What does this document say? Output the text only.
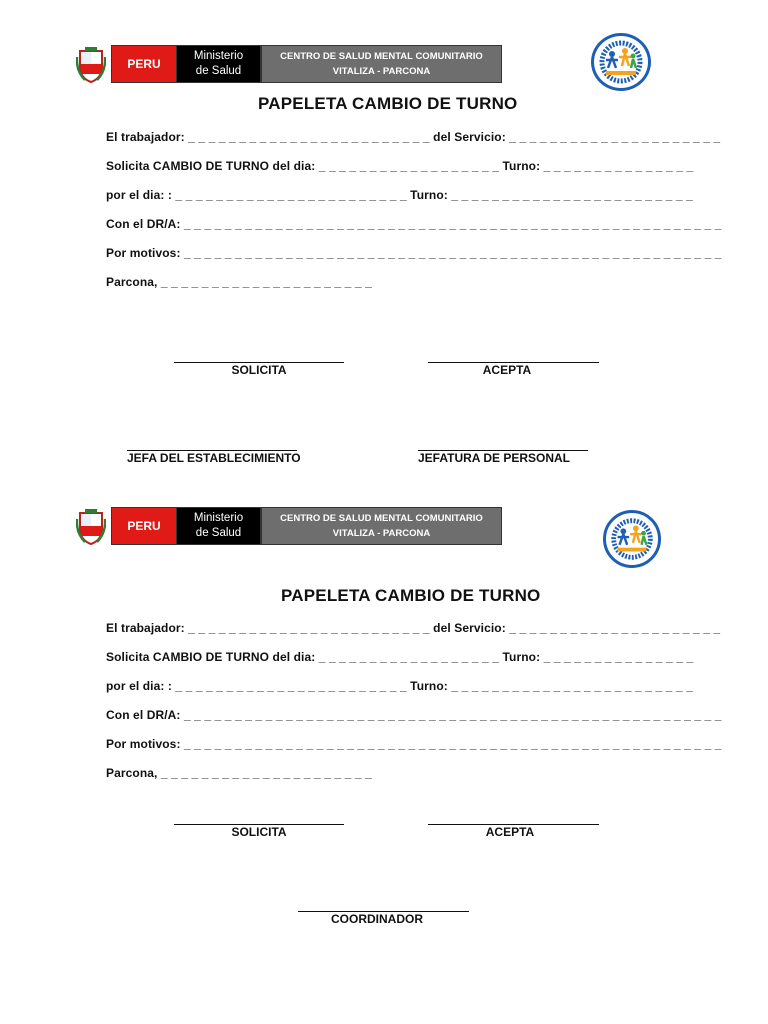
PERU
Ministerio
de Salud
CENTRO DE SALUD MENTAL COMUNITARIO
VITALIZA - PARCONA
PAPELETA CAMBIO DE TURNO
El trabajador: _ _ _ _ _ _ _ _ _ _ _ _ _ _ _ _ _ _ _ _ _ _ _ _ del Servicio: _ _ _ _ _ _ _ _ _ _ _ _ _ _ _ _ _ _ _ _ _
Solicita CAMBIO DE TURNO del dia: _ _ _ _ _ _ _ _ _ _ _ _ _ _ _ _ _ _ Turno: _ _ _ _ _ _ _ _ _ _ _ _ _ _ _
por el dia: : _ _ _ _ _ _ _ _ _ _ _ _ _ _ _ _ _ _ _ _ _ _ _ Turno: _ _ _ _ _ _ _ _ _ _ _ _ _ _ _ _ _ _ _ _ _ _ _ _
Con el DR/A: _ _ _ _ _ _ _ _ _ _ _ _ _ _ _ _ _ _ _ _ _ _ _ _ _ _ _ _ _ _ _ _ _ _ _ _ _ _ _ _ _ _ _ _ _ _ _ _ _ _ _ _ _
Por motivos: _ _ _ _ _ _ _ _ _ _ _ _ _ _ _ _ _ _ _ _ _ _ _ _ _ _ _ _ _ _ _ _ _ _ _ _ _ _ _ _ _ _ _ _ _ _ _ _ _ _ _ _ _
Parcona, _ _ _ _ _ _ _ _ _ _ _ _ _ _ _ _ _ _ _ _ _
SOLICITA	ACEPTA
JEFA DEL ESTABLECIMIENTO	JEFATURA DE PERSONAL
PERU
Ministerio
de Salud
CENTRO DE SALUD MENTAL COMUNITARIO
VITALIZA - PARCONA
PAPELETA CAMBIO DE TURNO
El trabajador: _ _ _ _ _ _ _ _ _ _ _ _ _ _ _ _ _ _ _ _ _ _ _ _ del Servicio: _ _ _ _ _ _ _ _ _ _ _ _ _ _ _ _ _ _ _ _ _
Solicita CAMBIO DE TURNO del dia: _ _ _ _ _ _ _ _ _ _ _ _ _ _ _ _ _ _ Turno: _ _ _ _ _ _ _ _ _ _ _ _ _ _ _
por el dia: : _ _ _ _ _ _ _ _ _ _ _ _ _ _ _ _ _ _ _ _ _ _ _ Turno: _ _ _ _ _ _ _ _ _ _ _ _ _ _ _ _ _ _ _ _ _ _ _ _
Con el DR/A: _ _ _ _ _ _ _ _ _ _ _ _ _ _ _ _ _ _ _ _ _ _ _ _ _ _ _ _ _ _ _ _ _ _ _ _ _ _ _ _ _ _ _ _ _ _ _ _ _ _ _ _ _
Por motivos: _ _ _ _ _ _ _ _ _ _ _ _ _ _ _ _ _ _ _ _ _ _ _ _ _ _ _ _ _ _ _ _ _ _ _ _ _ _ _ _ _ _ _ _ _ _ _ _ _ _ _ _ _
Parcona, _ _ _ _ _ _ _ _ _ _ _ _ _ _ _ _ _ _ _ _ _
SOLICITA	ACEPTA
COORDINADOR
